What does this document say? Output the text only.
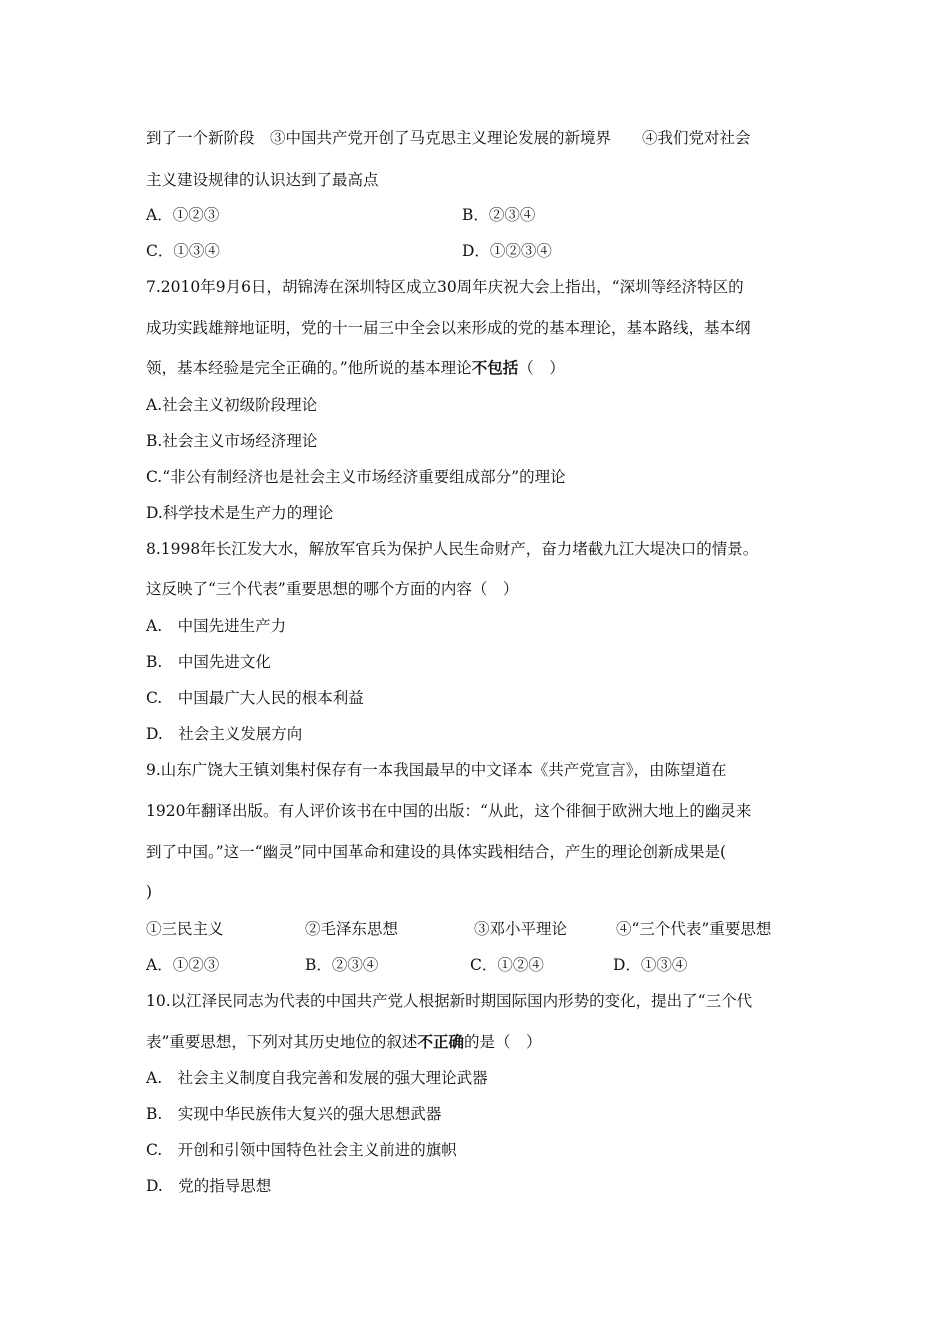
到了一个新阶段　③中国共产党开创了马克思主义理论发展的新境界　　④我们党对社会
主义建设规律的认识达到了最高点
A．①②③	B．②③④
C．①③④	D．①②③④
7.2010年9月6日，胡锦涛在深圳特区成立30周年庆祝大会上指出，“深圳等经济特区的
成功实践雄辩地证明，党的十一届三中全会以来形成的党的基本理论，基本路线，基本纲
领，基本经验是完全正确的。”他所说的基本理论不包括（　）
A.社会主义初级阶段理论
B.社会主义市场经济理论
C.“非公有制经济也是社会主义市场经济重要组成部分”的理论
D.科学技术是生产力的理论
8.1998年长江发大水，解放军官兵为保护人民生命财产，奋力堵截九江大堤决口的情景。
这反映了“三个代表”重要思想的哪个方面的内容（　）
A.　中国先进生产力
B.　中国先进文化
C.　中国最广大人民的根本利益
D.　社会主义发展方向
9.山东广饶大王镇刘集村保存有一本我国最早的中文译本《共产党宣言》，由陈望道在
1920年翻译出版。有人评价该书在中国的出版：“从此，这个徘徊于欧洲大地上的幽灵来
到了中国。”这一“幽灵”同中国革命和建设的具体实践相结合，产生的理论创新成果是(
)
①三民主义	②毛泽东思想	③邓小平理论	④“三个代表”重要思想
A．①②③	B．②③④	C．①②④	D．①③④
10.以江泽民同志为代表的中国共产党人根据新时期国际国内形势的变化，提出了“三个代
表”重要思想，下列对其历史地位的叙述不正确的是（　）
A.　社会主义制度自我完善和发展的强大理论武器
B.　实现中华民族伟大复兴的强大思想武器
C.　开创和引领中国特色社会主义前进的旗帜
D.　党的指导思想
